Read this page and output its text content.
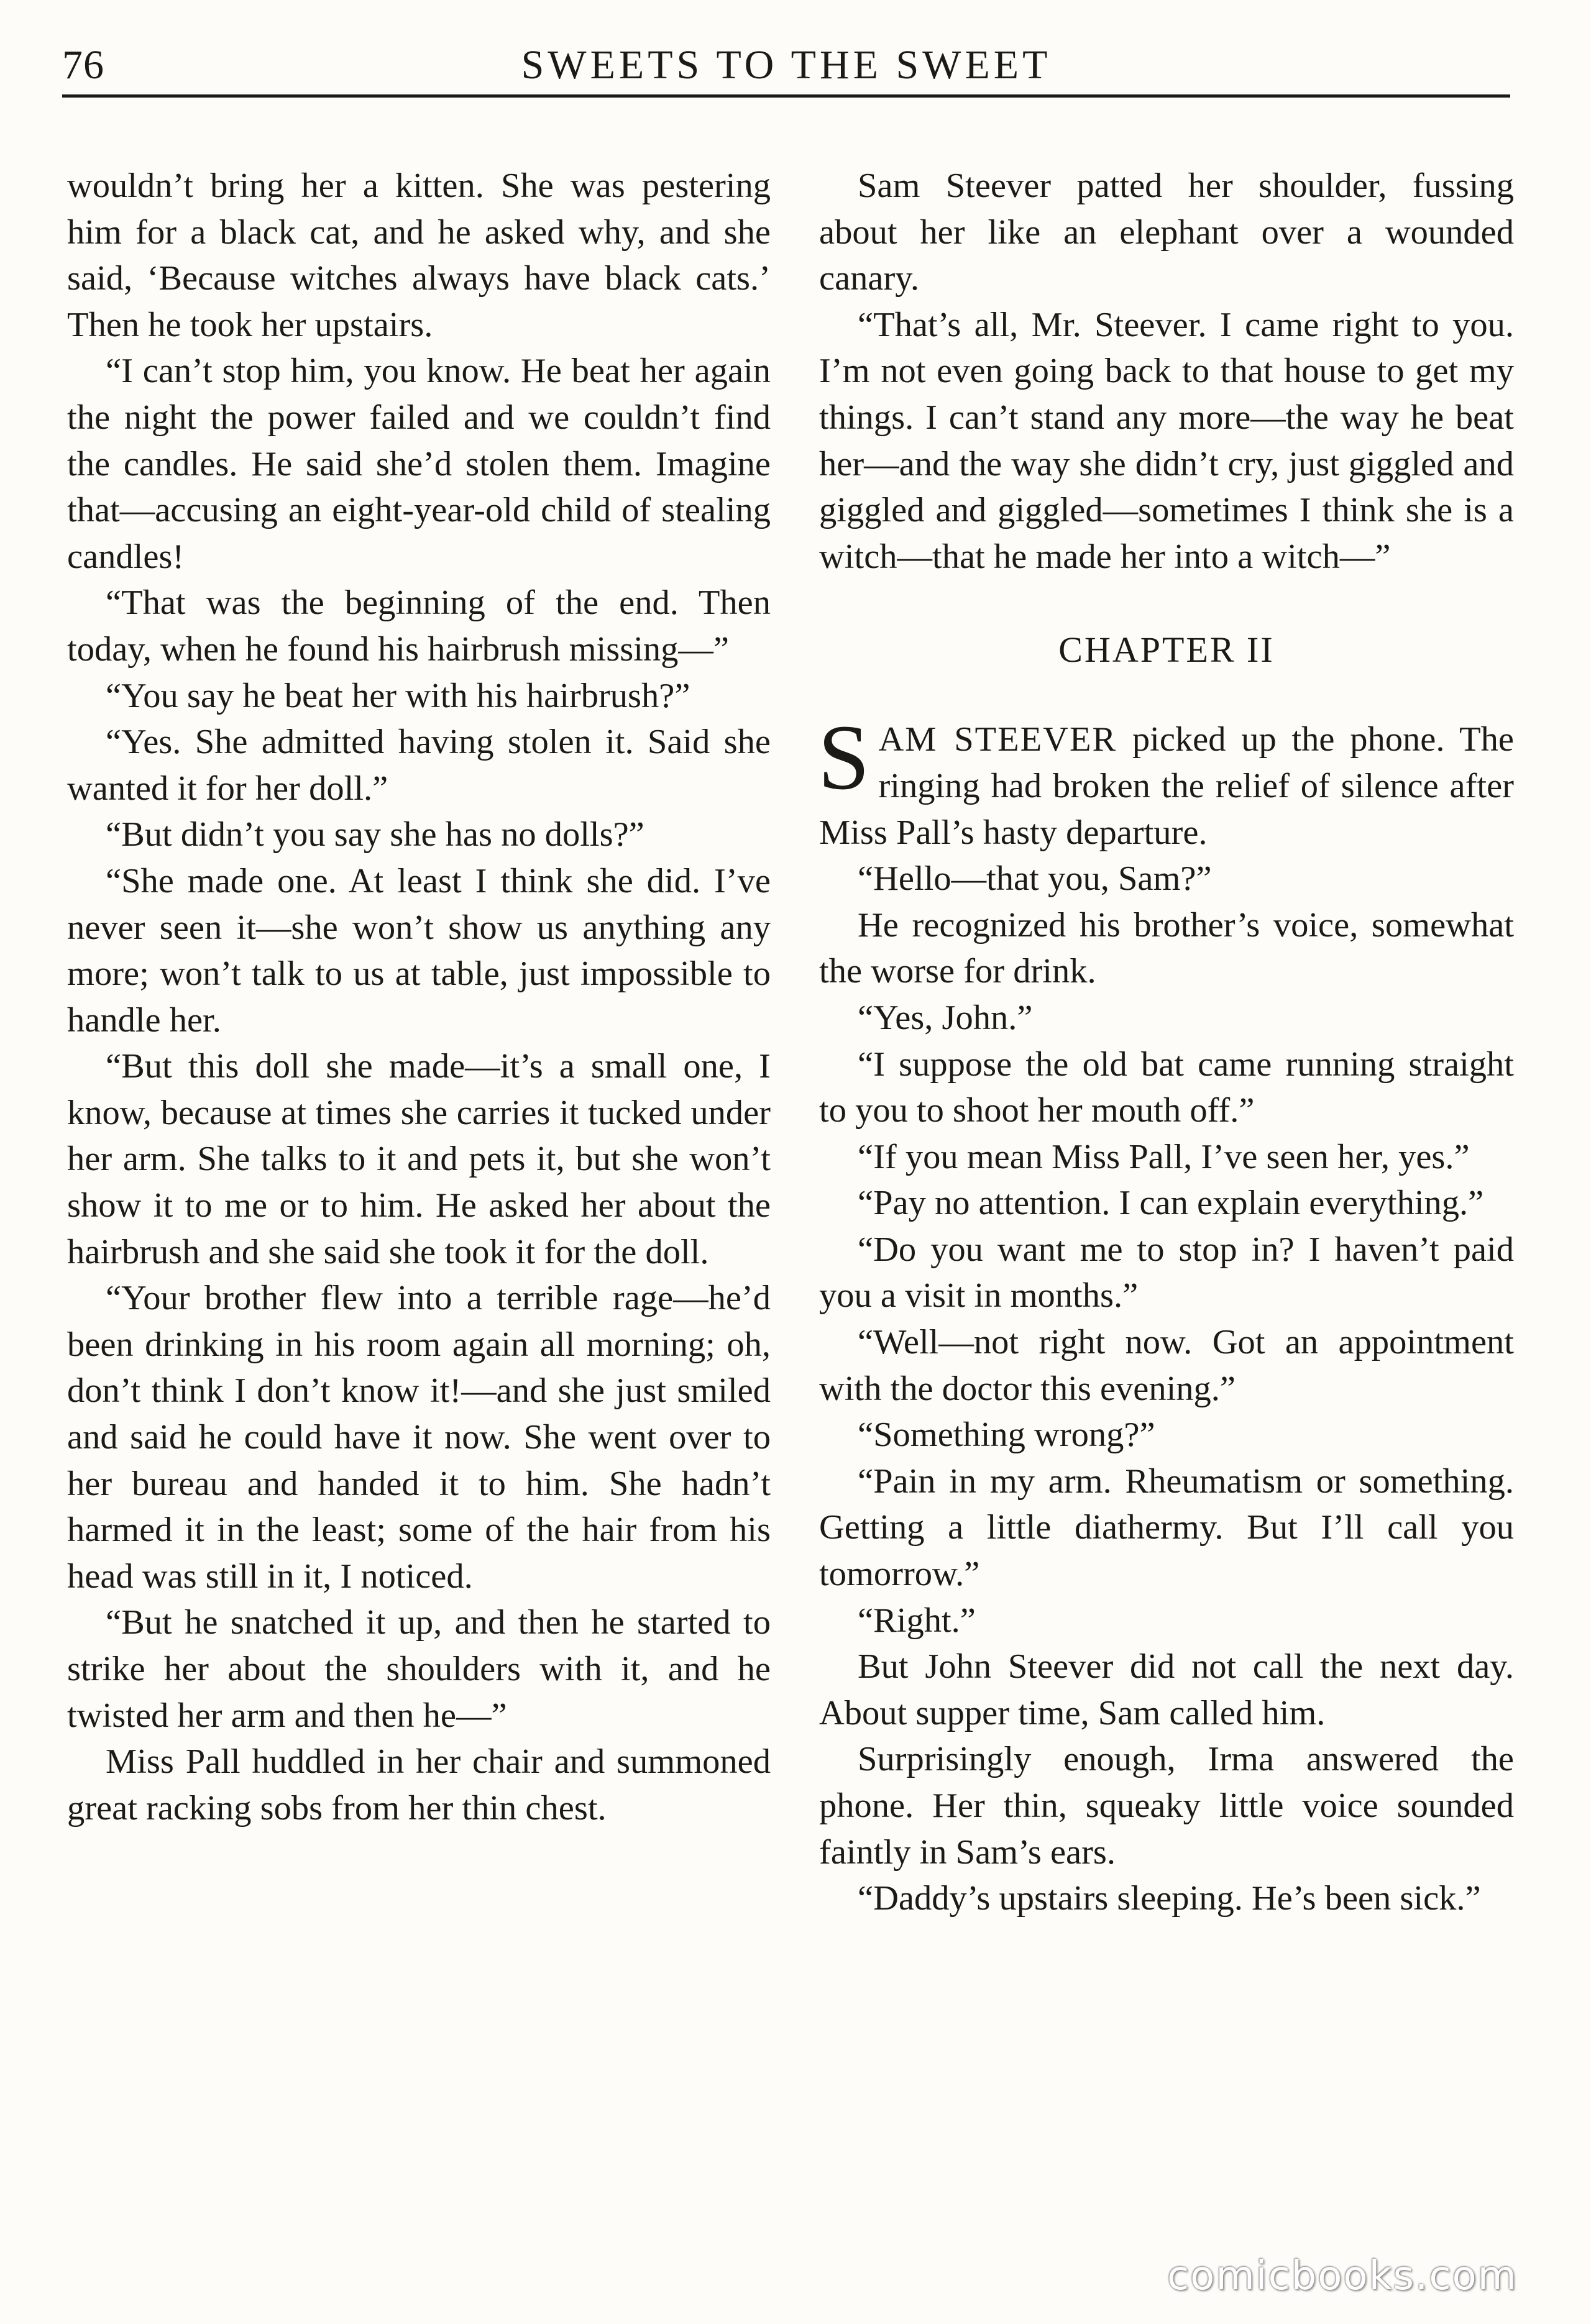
76	SWEETS TO THE SWEET

wouldn’t bring her a kitten. She was pestering him for a black cat, and he asked why, and she said, ‘Because witches always have black cats.’ Then he took her upstairs.

“I can’t stop him, you know. He beat her again the night the power failed and we couldn’t find the candles. He said she’d stolen them. Imagine that—accusing an eight-year-old child of stealing candles!

“That was the beginning of the end. Then today, when he found his hairbrush missing—”

“You say he beat her with his hairbrush?”

“Yes. She admitted having stolen it. Said she wanted it for her doll.”

“But didn’t you say she has no dolls?”

“She made one. At least I think she did. I’ve never seen it—she won’t show us anything any more; won’t talk to us at table, just impossible to handle her.

“But this doll she made—it’s a small one, I know, because at times she carries it tucked under her arm. She talks to it and pets it, but she won’t show it to me or to him. He asked her about the hairbrush and she said she took it for the doll.

“Your brother flew into a terrible rage—he’d been drinking in his room again all morning; oh, don’t think I don’t know it!—and she just smiled and said he could have it now. She went over to her bureau and handed it to him. She hadn’t harmed it in the least; some of the hair from his head was still in it, I noticed.

“But he snatched it up, and then he started to strike her about the shoulders with it, and he twisted her arm and then he—”

Miss Pall huddled in her chair and summoned great racking sobs from her thin chest.

Sam Steever patted her shoulder, fussing about her like an elephant over a wounded canary.

“That’s all, Mr. Steever. I came right to you. I’m not even going back to that house to get my things. I can’t stand any more—the way he beat her—and the way she didn’t cry, just giggled and giggled and giggled—sometimes I think she is a witch—that he made her into a witch—”

CHAPTER II

SAM STEEVER picked up the phone. The ringing had broken the relief of silence after Miss Pall’s hasty departure.

“Hello—that you, Sam?”

He recognized his brother’s voice, somewhat the worse for drink.

“Yes, John.”

“I suppose the old bat came running straight to you to shoot her mouth off.”

“If you mean Miss Pall, I’ve seen her, yes.”

“Pay no attention. I can explain everything.”

“Do you want me to stop in? I haven’t paid you a visit in months.”

“Well—not right now. Got an appointment with the doctor this evening.”

“Something wrong?”

“Pain in my arm. Rheumatism or something. Getting a little diathermy. But I’ll call you tomorrow.”

“Right.”

But John Steever did not call the next day. About supper time, Sam called him.

Surprisingly enough, Irma answered the phone. Her thin, squeaky little voice sounded faintly in Sam’s ears.

“Daddy’s upstairs sleeping. He’s been sick.”

comicbooks.com
